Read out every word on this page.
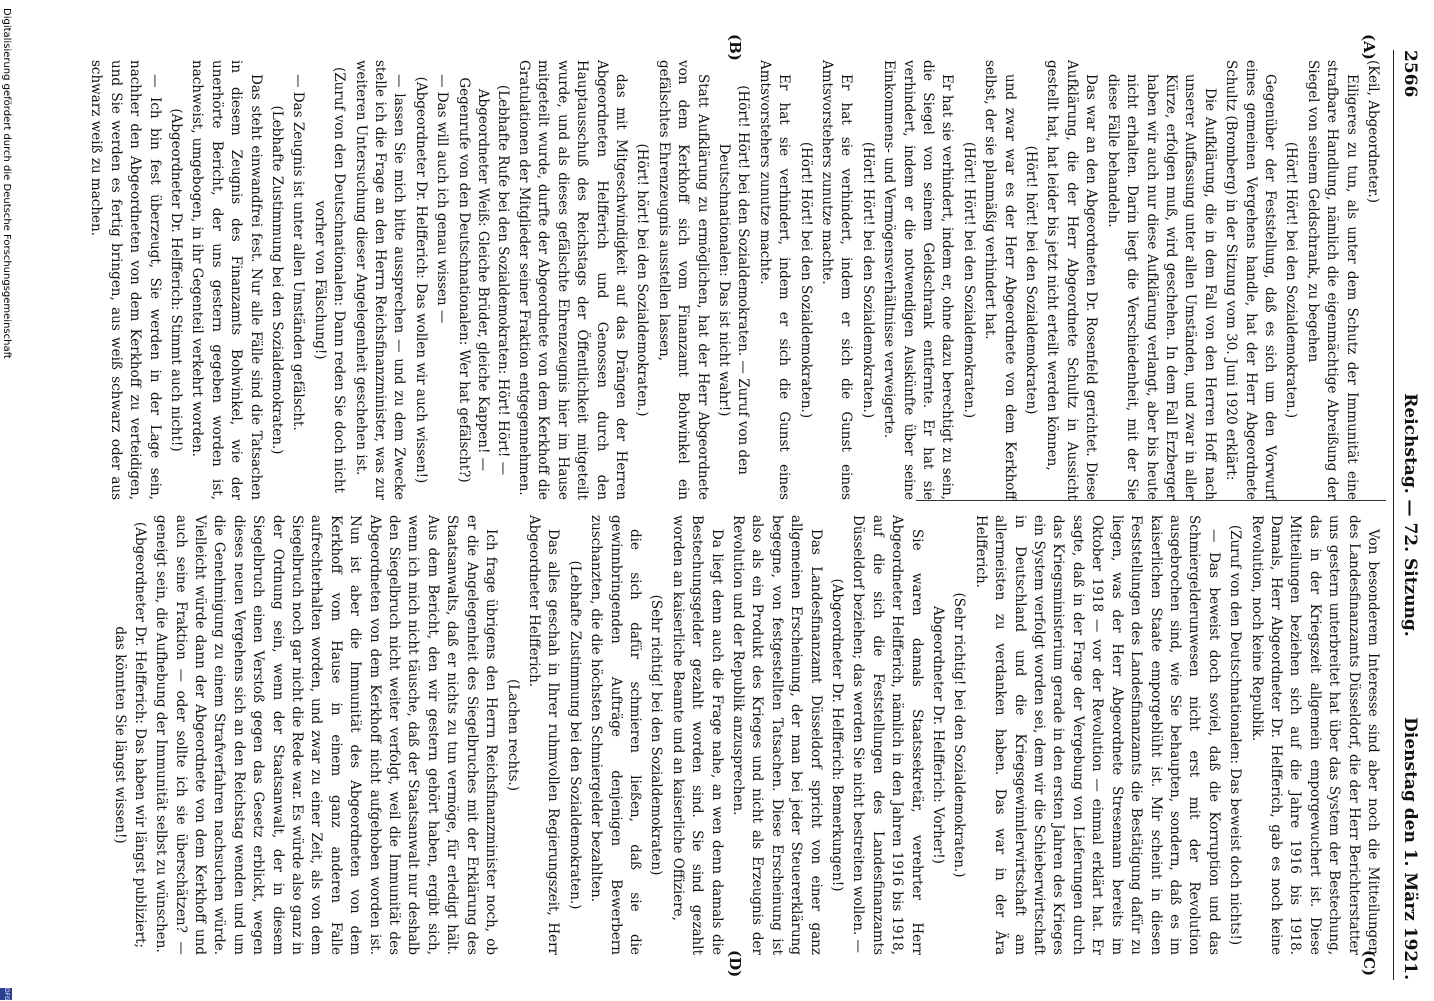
2566
Reichstag. — 72. Sitzung.
Dienstag den 1. März 1921.
(A)
(B)
(C)
(D)

(Keil, Abgeordneter.)

Eiligeres zu tun, als unter dem Schutz der Immunität eine strafbare Handlung, nämlich die eigenmächtige Abreißung der Siegel von seinem Geldschrank, zu begehen

(Hört! Hört! bei den Sozialdemokraten.)

Gegenüber der Feststellung, daß es sich um den Vorwurf eines gemeinen Vergehens handle, hat der Herr Abgeordnete Schultz (Bromberg) in der Sitzung vom 30. Juni 1920 erklärt:

Die Aufklärung, die in dem Fall von den Herren Hoff nach unserer Auffassung unter allen Umständen, und zwar in aller Kürze, erfolgen muß, wird geschehen. In dem Fall Erzberger haben wir auch nur diese Aufklärung verlangt, aber bis heute nicht erhalten. Darin liegt die Verschiedenheit, mit der Sie diese Fälle behandeln.

Das war an den Abgeordneten Dr. Rosenfeld gerichtet. Diese Aufklärung, die der Herr Abgeordnete Schultz in Aussicht gestellt hat, hat leider bis jetzt nicht erteilt werden können,

(Hört! hört! bei den Sozialdemokraten)

und zwar war es der Herr Abgeordnete von dem Kerkhoff selbst, der sie planmäßig verhindert hat.

(Hört! Hört! bei den Sozialdemokraten.)

Er hat sie verhindert, indem er, ohne dazu berechtigt zu sein, die Siegel von seinem Geldschrank entfernte. Er hat sie verhindert, indem er die notwendigen Auskünfte über seine Einkommens- und Vermögensverhältnisse verweigerte.

(Hört! Hört! bei den Sozialdemokraten.)

Er hat sie verhindert, indem er sich die Gunst eines Amtsvorstehers zunutze machte.

(Hört! Hört! bei den Sozialdemokraten.)

Er hat sie verhindert, indem er sich die Gunst eines Amtsvorstehers zunutze machte.

(Hört! Hört! bei den Sozialdemokraten. — Zuruf von den Deutschnationalen: Das ist nicht wahr!)

Statt Aufklärung zu ermöglichen, hat der Herr Abgeordnete von dem Kerkhoff sich vom Finanzamt Bohwinkel ein gefälschtes Ehrenzeugnis ausstellen lassen,

(Hört! hört! bei den Sozialdemokraten.)

das mit Mitgeschwindigkeit auf das Drängen der Herren Abgeordneten Helfferich und Genossen durch den Hauptausschuß des Reichstags der Öffentlichkeit mitgeteilt wurde, und als dieses gefälschte Ehrenzeugnis hier im Hause mitgeteilt wurde, durfte der Abgeordnete von dem Kerkhoff die Gratulationen der Mitglieder seiner Fraktion entgegennehmen.

(Lebhafte Rufe bei den Sozialdemokraten: Hört! Hört! — Abgeordneter Weiß: Gleiche Brüder, gleiche Kappen! — Gegenrufe von den Deutschnationalen: Wer hat gefälscht?)

— Das will auch ich genau wissen —

(Abgeordneter Dr. Helfferich: Das wollen wir auch wissen!)

— lassen Sie mich bitte aussprechen — und zu dem Zwecke stelle ich die Frage an den Herrn Reichsfinanzminister, was zur weiteren Untersuchung dieser Angelegenheit geschehen ist.

(Zuruf von den Deutschnationalen: Dann reden Sie doch nicht vorher von Fälschung!)

— Das Zeugnis ist unter allen Umständen gefälscht.

(Lebhafte Zustimmung bei den Sozialdemokraten.)

Das steht einwandfrei fest. Nur alle Fälle sind die Tatsachen in diesem Zeugnis des Finanzamts Bohwinkel, wie der unerhörte Bericht, der uns gestern gegeben worden ist, nachweist, umgebogen, in ihr Gegenteil verkehrt worden.

(Abgeordneter Dr. Helfferich: Stimmt auch nicht!)

— Ich bin fest überzeugt, Sie werden in der Lage sein, nachher den Abgeordneten von dem Kerkhoff zu verteidigen, und Sie werden es fertig bringen, aus weiß schwarz oder aus schwarz weiß zu machen.

Von besonderem Interesse sind aber noch die Mitteilungen des Landesfinanzamts Düsseldorf, die der Herr Berichterstatter uns gestern unterbreitet hat über das System der Bestechung, das in der Kriegszeit allgemein emporgewuchert ist. Diese Mitteilungen beziehen sich auf die Jahre 1916 bis 1918. Damals, Herr Abgeordneter Dr. Helfferich, gab es noch keine Revolution, noch keine Republik.

(Zuruf von den Deutschnationalen: Das beweist doch nichts!)

— Das beweist doch soviel, daß die Korruption und das Schmiergelderunwesen nicht erst mit der Revolution ausgebrochen sind, wie Sie behaupten, sondern, daß es im kaiserlichen Staate emporgeblüht ist. Mir scheint in diesen Feststellungen des Landesfinanzamts die Bestätigung dafür zu liegen, was der Herr Abgeordnete Stresemann bereits im Oktober 1918 — vor der Revolution — einmal erklärt hat. Er sagte, daß in der Frage der Vergebung von Lieferungen durch das Kriegsministerium gerade in den ersten Jahren des Krieges ein System verfolgt worden sei, dem wir die Schieberwirtschaft in Deutschland und die Kriegsgewinnlerwirtschaft am allermeisten zu verdanken haben. Das war in der Ära Helfferich.

(Sehr richtig! bei den Sozialdemokraten.)

Abgeordneter Dr. Helfferich: Vorher!)

Sie waren damals Staatssekretär, verehrter Herr Abgeordneter Helfferich, nämlich in den Jahren 1916 bis 1918, auf die sich die Feststellungen des Landesfinanzamts Düsseldorf beziehen; das werden Sie nicht bestreiten wollen. —

(Abgeordneter Dr. Helfferich: Bemerkungen!)

Das Landesfinanzamt Düsseldorf spricht von einer ganz allgemeinen Erscheinung, der man bei jeder Steuererklärung begegne, von festgestellten Tatsachen. Diese Erscheinung ist also als ein Produkt des Krieges und nicht als Erzeugnis der Revolution und der Republik anzusprechen.

Da liegt denn auch die Frage nahe, an wen denn damals die Bestechungsgelder gezahlt worden sind. Sie sind gezahlt worden an kaiserliche Beamte und an kaiserliche Offiziere,

(Sehr richtig! bei den Sozialdemokraten)

die sich dafür schmieren ließen, daß sie die gewinnbringenden Aufträge denjenigen Bewerbern zuschanzten, die die höchsten Schmiergelder bezahlten.

(Lebhafte Zustimmung bei den Sozialdemokraten.)

Das alles geschah in Ihrer ruhmvollen Regierungszeit, Herr Abgeordneter Helfferich.

(Lachen rechts.)

Ich frage übrigens den Herrn Reichsfinanzminister noch, ob er die Angelegenheit des Siegelbruches mit der Erklärung des Staatsanwalts, daß er nichts zu tun vermöge, für erledigt hält. Aus dem Bericht, den wir gestern gehört haben, ergibt sich, wenn ich mich nicht täusche, daß der Staatsanwalt nur deshalb den Siegelbruch nicht weiter verfolgt, weil die Immunität des Abgeordneten von dem Kerkhoff nicht aufgehoben worden ist. Nun ist aber die Immunität des Abgeordneten von dem Kerkhoff vom Hause in einem ganz anderen Falle aufrechterhalten worden, und zwar zu einer Zeit, als von dem Siegelbruch noch gar nicht die Rede war. Es würde also ganz in der Ordnung sein, wenn der Staatsanwalt, der in diesem Siegelbruch einen Verstoß gegen das Gesetz erblickt, wegen dieses neuen Vergehens sich an den Reichstag wenden und um die Genehmigung zu einem Strafverfahren nachsuchen würde. Vielleicht würde dann der Abgeordnete von dem Kerkhoff und auch seine Fraktion — oder sollte ich sie überschätzen? — geneigt sein, die Aufhebung der Immunität selbst zu wünschen.

(Abgeordneter Dr. Helfferich: Das haben wir längst publiziert; das könnten Sie längst wissen!)

Digitalisierung gefördert durch die Deutsche Forschungsgemeinschaft
DFG
